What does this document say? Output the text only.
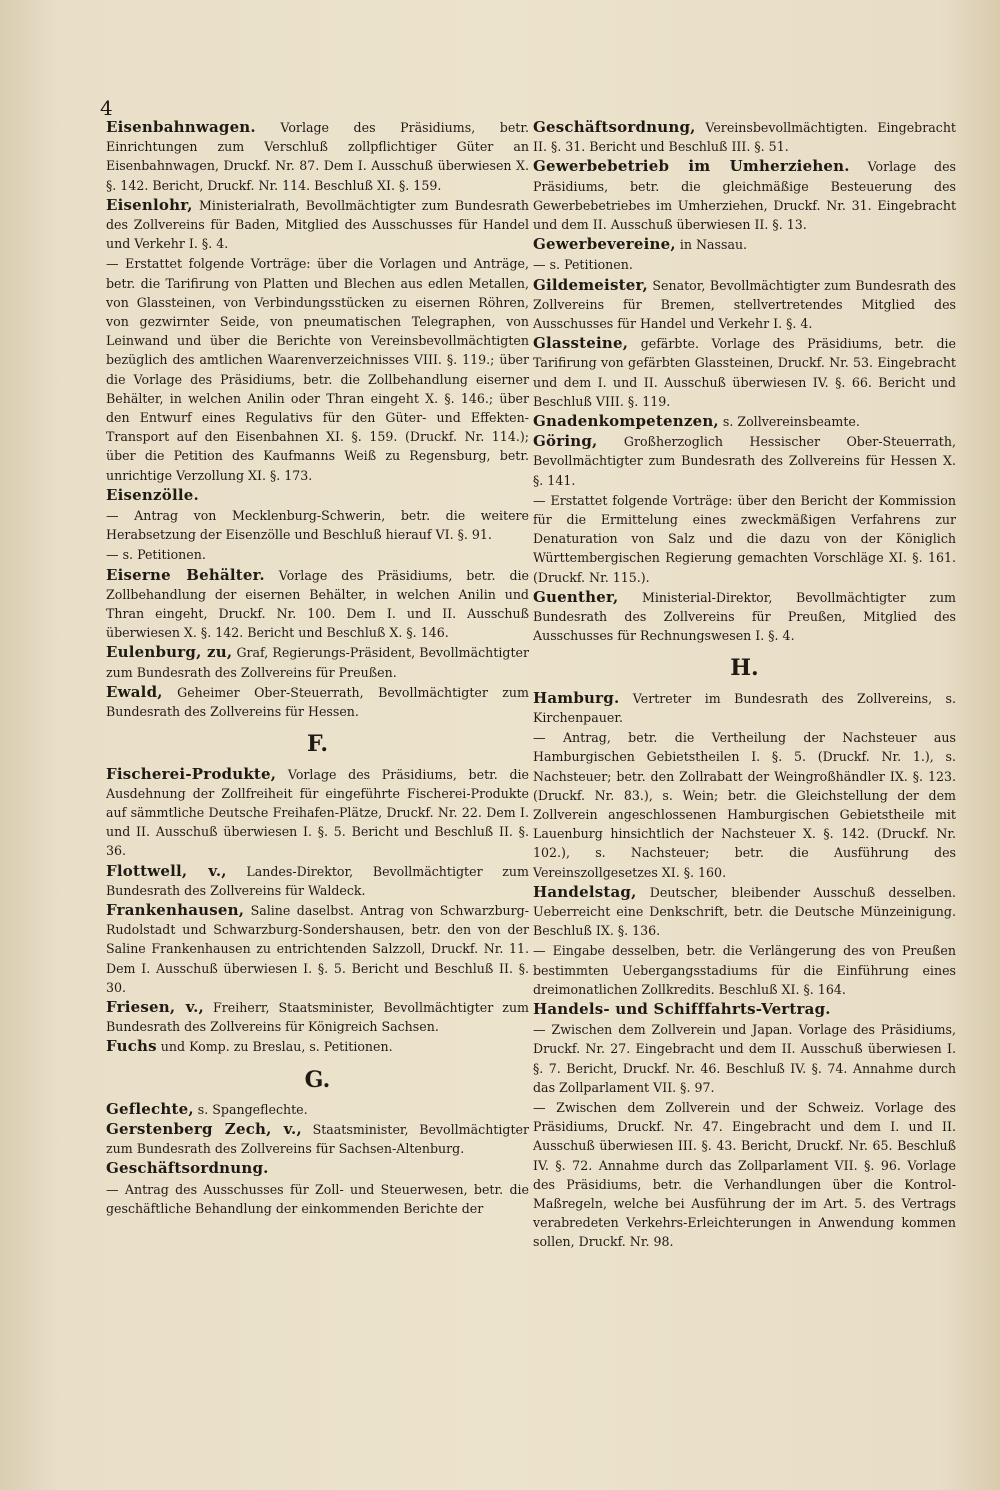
4
Eisenbahnwagen. Vorlage des Präsidiums, betr. Einrichtungen zum Verschluß zollpflichtiger Güter an Eisenbahnwagen, Druckf. Nr. 87. Dem I. Ausschuß überwiesen X. §. 142. Bericht, Druckf. Nr. 114. Beschluß XI. §. 159.
Eisenlohr, Ministerialrath, Bevollmächtigter zum Bundesrath des Zollvereins für Baden, Mitglied des Ausschusses für Handel und Verkehr I. §. 4.
— Erstattet folgende Vorträge: über die Vorlagen und Anträge, betr. die Tarifirung von Platten und Blechen aus edlen Metallen, von Glassteinen, von Verbindungsstücken zu eisernen Röhren, von gezwirnter Seide, von pneumatischen Telegraphen, von Leinwand und über die Berichte von Vereinsbevollmächtigten bezüglich des amtlichen Waarenverzeichnisses VIII. §. 119.; über die Vorlage des Präsidiums, betr. die Zollbehandlung eiserner Behälter, in welchen Anilin oder Thran eingeht X. §. 146.; über den Entwurf eines Regulativs für den Güter- und Effekten-Transport auf den Eisenbahnen XI. §. 159. (Druckf. Nr. 114.); über die Petition des Kaufmanns Weiß zu Regensburg, betr. unrichtige Verzollung XI. §. 173.
Eisenzölle.
— Antrag von Mecklenburg-Schwerin, betr. die weitere Herabsetzung der Eisenzölle und Beschluß hierauf VI. §. 91.
— s. Petitionen.
Eiserne Behälter. Vorlage des Präsidiums, betr. die Zollbehandlung der eisernen Behälter, in welchen Anilin und Thran eingeht, Druckf. Nr. 100. Dem I. und II. Ausschuß überwiesen X. §. 142. Bericht und Beschluß X. §. 146.
Eulenburg, zu, Graf, Regierungs-Präsident, Bevollmächtigter zum Bundesrath des Zollvereins für Preußen.
Ewald, Geheimer Ober-Steuerrath, Bevollmächtigter zum Bundesrath des Zollvereins für Hessen.
F.
Fischerei-Produkte, Vorlage des Präsidiums, betr. die Ausdehnung der Zollfreiheit für eingeführte Fischerei-Produkte auf sämmtliche Deutsche Freihafen-Plätze, Druckf. Nr. 22. Dem I. und II. Ausschuß überwiesen I. §. 5. Bericht und Beschluß II. §. 36.
Flottwell, v., Landes-Direktor, Bevollmächtigter zum Bundesrath des Zollvereins für Waldeck.
Frankenhausen, Saline daselbst. Antrag von Schwarzburg-Rudolstadt und Schwarzburg-Sondershausen, betr. den von der Saline Frankenhausen zu entrichtenden Salzzoll, Druckf. Nr. 11. Dem I. Ausschuß überwiesen I. §. 5. Bericht und Beschluß II. §. 30.
Friesen, v., Freiherr, Staatsminister, Bevollmächtigter zum Bundesrath des Zollvereins für Königreich Sachsen.
Fuchs und Komp. zu Breslau, s. Petitionen.
G.
Geflechte, s. Spangeflechte.
Gerstenberg Zech, v., Staatsminister, Bevollmächtigter zum Bundesrath des Zollvereins für Sachsen-Altenburg.
Geschäftsordnung.
— Antrag des Ausschusses für Zoll- und Steuerwesen, betr. die geschäftliche Behandlung der einkommenden Berichte der
Geschäftsordnung, Vereinsbevollmächtigten. Eingebracht II. §. 31. Bericht und Beschluß III. §. 51.
Gewerbebetrieb im Umherziehen. Vorlage des Präsidiums, betr. die gleichmäßige Besteuerung des Gewerbebetriebes im Umherziehen, Druckf. Nr. 31. Eingebracht und dem II. Ausschuß überwiesen II. §. 13.
Gewerbevereine, in Nassau.
— s. Petitionen.
Gildemeister, Senator, Bevollmächtigter zum Bundesrath des Zollvereins für Bremen, stellvertretendes Mitglied des Ausschusses für Handel und Verkehr I. §. 4.
Glassteine, gefärbte. Vorlage des Präsidiums, betr. die Tarifirung von gefärbten Glassteinen, Druckf. Nr. 53. Eingebracht und dem I. und II. Ausschuß überwiesen IV. §. 66. Bericht und Beschluß VIII. §. 119.
Gnadenkompetenzen, s. Zollvereinsbeamte.
Göring, Großherzoglich Hessischer Ober-Steuerrath, Bevollmächtigter zum Bundesrath des Zollvereins für Hessen X. §. 141.
— Erstattet folgende Vorträge: über den Bericht der Kommission für die Ermittelung eines zweckmäßigen Verfahrens zur Denaturation von Salz und die dazu von der Königlich Württembergischen Regierung gemachten Vorschläge XI. §. 161. (Druckf. Nr. 115.).
Guenther, Ministerial-Direktor, Bevollmächtigter zum Bundesrath des Zollvereins für Preußen, Mitglied des Ausschusses für Rechnungswesen I. §. 4.
H.
Hamburg. Vertreter im Bundesrath des Zollvereins, s. Kirchenpauer.
— Antrag, betr. die Vertheilung der Nachsteuer aus Hamburgischen Gebietstheilen I. §. 5. (Druckf. Nr. 1.), s. Nachsteuer; betr. den Zollrabatt der Weingroßhändler IX. §. 123. (Druckf. Nr. 83.), s. Wein; betr. die Gleichstellung der dem Zollverein angeschlossenen Hamburgischen Gebietstheile mit Lauenburg hinsichtlich der Nachsteuer X. §. 142. (Druckf. Nr. 102.), s. Nachsteuer; betr. die Ausführung des Vereinszollgesetzes XI. §. 160.
Handelstag, Deutscher, bleibender Ausschuß desselben. Ueberreicht eine Denkschrift, betr. die Deutsche Münzeinigung. Beschluß IX. §. 136.
— Eingabe desselben, betr. die Verlängerung des von Preußen bestimmten Uebergangsstadiums für die Einführung eines dreimonatlichen Zollkredits. Beschluß XI. §. 164.
Handels- und Schifffahrts-Vertrag.
— Zwischen dem Zollverein und Japan. Vorlage des Präsidiums, Druckf. Nr. 27. Eingebracht und dem II. Ausschuß überwiesen I. §. 7. Bericht, Druckf. Nr. 46. Beschluß IV. §. 74. Annahme durch das Zollparlament VII. §. 97.
— Zwischen dem Zollverein und der Schweiz. Vorlage des Präsidiums, Druckf. Nr. 47. Eingebracht und dem I. und II. Ausschuß überwiesen III. §. 43. Bericht, Druckf. Nr. 65. Beschluß IV. §. 72. Annahme durch das Zollparlament VII. §. 96. Vorlage des Präsidiums, betr. die Verhandlungen über die Kontrol-Maßregeln, welche bei Ausführung der im Art. 5. des Vertrags verabredeten Verkehrs-Erleichterungen in Anwendung kommen sollen, Druckf. Nr. 98.
